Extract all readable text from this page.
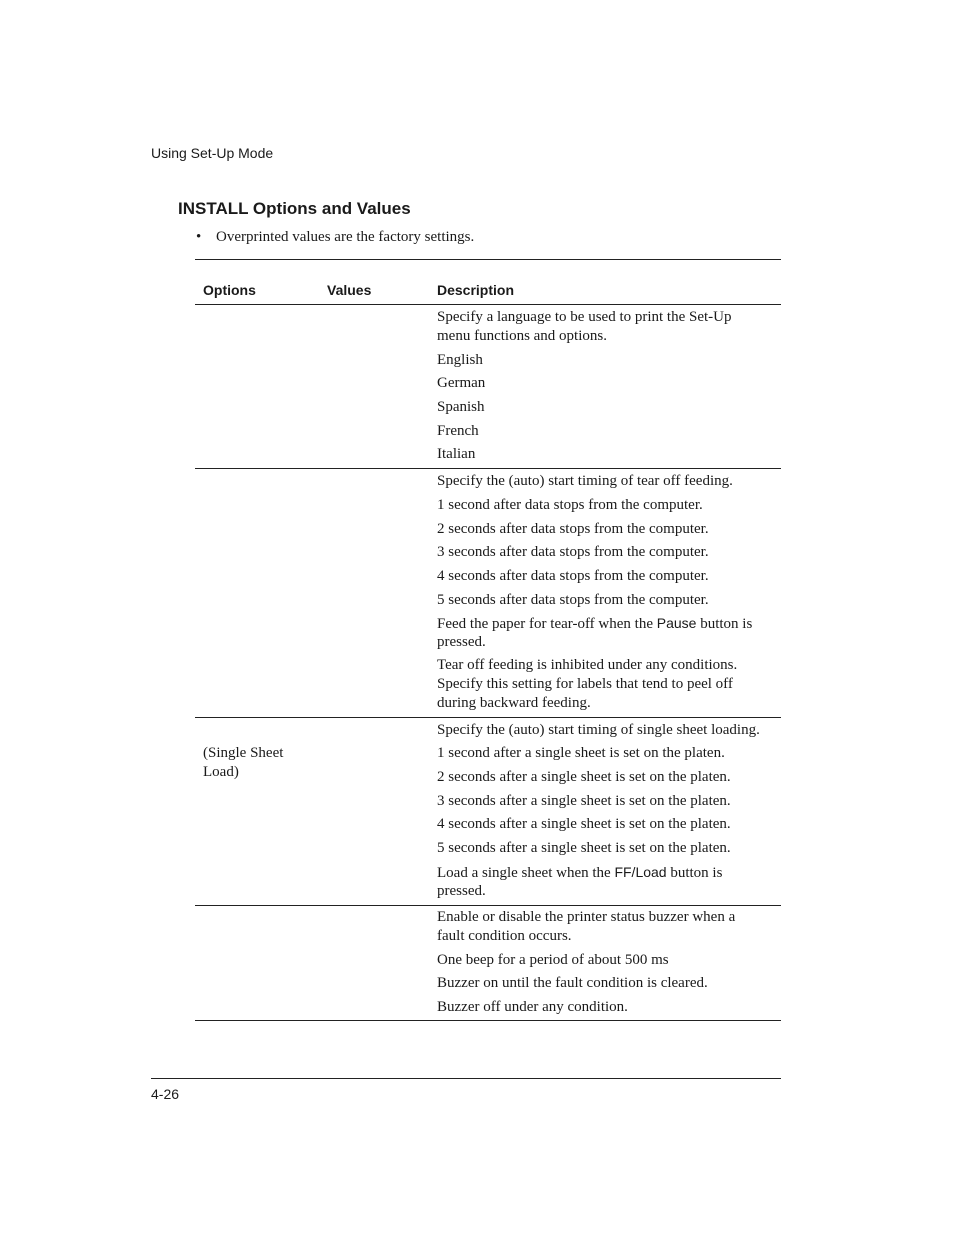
Using Set-Up Mode
INSTALL Options and Values
• Overprinted values are the factory settings.
Options	Values	Description
Specify a language to be used to print the Set-Up
menu functions and options.
English
German
Spanish
French
Italian
Specify the (auto) start timing of tear off feeding.
1 second after data stops from the computer.
2 seconds after data stops from the computer.
3 seconds after data stops from the computer.
4 seconds after data stops from the computer.
5 seconds after data stops from the computer.
Feed the paper for tear-off when the Pause button is
pressed.
Tear off feeding is inhibited under any conditions.
Specify this setting for labels that tend to peel off
during backward feeding.
(Single Sheet
Load)
Specify the (auto) start timing of single sheet loading.
1 second after a single sheet is set on the platen.
2 seconds after a single sheet is set on the platen.
3 seconds after a single sheet is set on the platen.
4 seconds after a single sheet is set on the platen.
5 seconds after a single sheet is set on the platen.
Load a single sheet when the FF/Load button is
pressed.
Enable or disable the printer status buzzer when a
fault condition occurs.
One beep for a period of about 500 ms
Buzzer on until the fault condition is cleared.
Buzzer off under any condition.
4-26
